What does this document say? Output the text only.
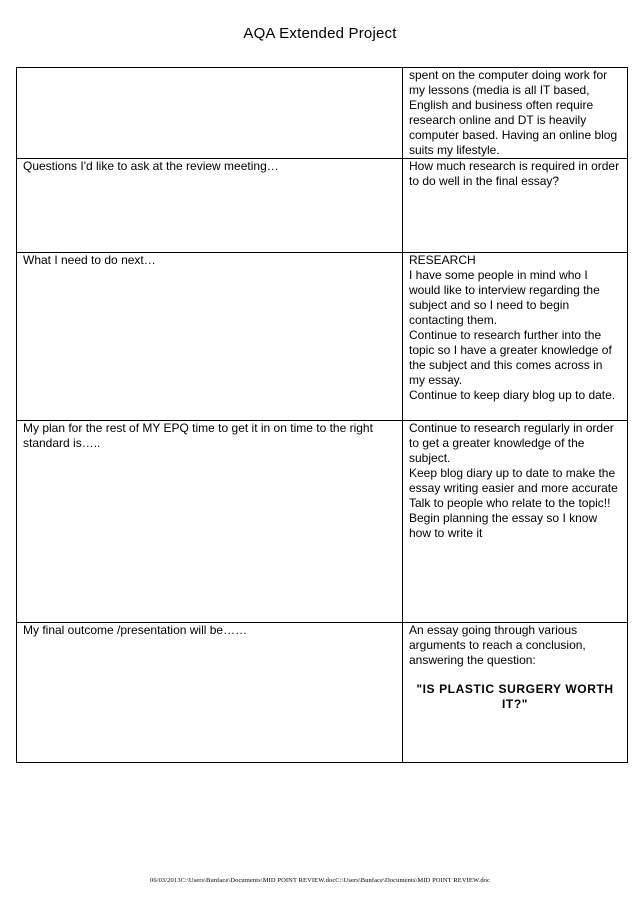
AQA Extended Project

	spent on the computer doing work for my lessons (media is all IT based, English and business often require research online and DT is heavily computer based. Having an online blog suits my lifestyle.

Questions I'd like to ask at the review meeting…	How much research is required in order to do well in the final essay?

What I need to do next…	RESEARCH
I have some people in mind who I would like to interview regarding the subject and so I need to begin contacting them.
Continue to research further into the topic so I have a greater knowledge of the subject and this comes across in my essay.
Continue to keep diary blog up to date.

My plan for the rest of MY EPQ time to get it in on time to the right standard is…..	Continue to research regularly in order to get a greater knowledge of the subject.
Keep blog diary up to date to make the essay writing easier and more accurate
Talk to people who relate to the topic!!
Begin planning the essay so I know how to write it

My final outcome /presentation will be……	An essay going through various arguments to reach a conclusion, answering the question:
"IS PLASTIC SURGERY WORTH IT?"
06/03/2013C:\Users\Bunface\Documents\MID POINT REVIEW.docC:\Users\Bunface\Documents\MID POINT REVIEW.doc
